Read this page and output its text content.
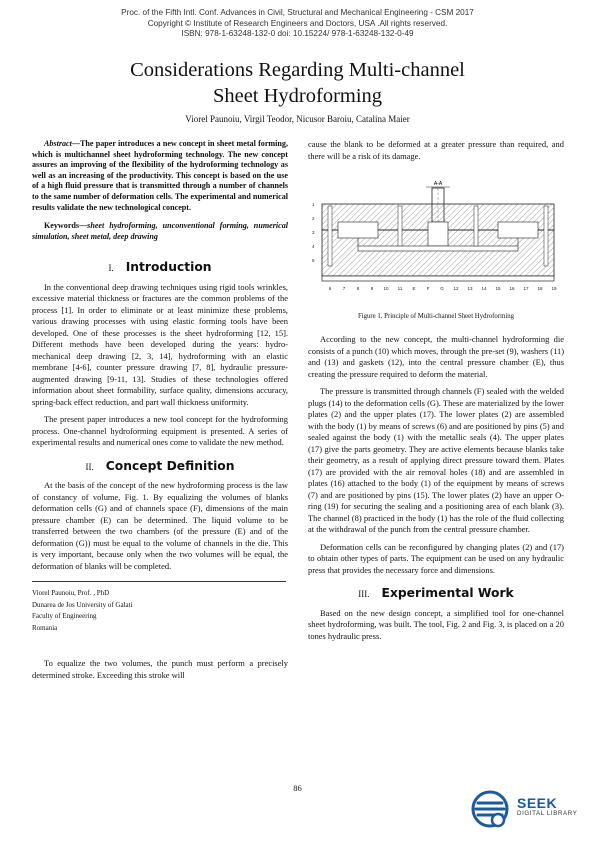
Proc. of the Fifth Intl. Conf. Advances in Civil, Structural and Mechanical Engineering - CSM 2017
Copyright © Institute of Research Engineers and Doctors, USA .All rights reserved.
ISBN: 978-1-63248-132-0 doi: 10.15224/ 978-1-63248-132-0-49
Considerations Regarding Multi-channel
Sheet Hydroforming
Viorel Paunoiu, Virgil Teodor, Nicusor Baroiu, Catalina Maier

Abstract—The paper introduces a new concept in sheet metal forming, which is multichannel sheet hydroforming technology. The new concept assures an improving of the flexibility of the hydroforming technology as well as an increasing of the productivity. This concept is based on the use of a high fluid pressure that is transmitted through a number of channels to the same number of deformation cells. The experimental and numerical results validate the new technological concept.

Keywords—sheet hydroforming, unconventional forming, numerical simulation, sheet metal, deep drawing

I. Introduction

In the conventional deep drawing techniques using rigid tools wrinkles, excessive material thickness or fractures are the common problems of the process [1]. In order to eliminate or at least minimize these problems, various drawing processes with using elastic forming tools have been developed. One of these processes is the sheet hydroforming [12, 15]. Different methods have been developed during the years: hydro-mechanical deep drawing [2, 3, 14], hydroforming with an elastic membrane [4-6], counter pressure drawing [7, 8], hydraulic pressure-augmented drawing [9-11, 13]. Studies of these technologies offered information about sheet formability, surface quality, dimensions accuracy, spring-back effect reduction, and part wall thickness uniformity.

The present paper introduces a new tool concept for the hydroforming process. One-channel hydroforming equipment is presented. A series of experimental results and numerical ones come to validate the new method.

II. Concept Definition

At the basis of the concept of the new hydroforming process is the law of constancy of volume, Fig. 1. By equalizing the volumes of blanks deformation cells (G) and of channels space (F), dimensions of the main pressure chamber (E) can be determined. The liquid volume to be transferred between the two chambers (of the pressure (E) and of the deformation (G)) must be equal to the volume of channels in the die. This is very important, because only when the two volumes will be equal, the deformation of blanks will be completed.

Viorel Paunoiu, Prof. , PhD
Dunarea de Jos University of Galati
Faculty of Engineering
Romania

To equalize the two volumes, the punch must perform a precisely determined stroke. Exceeding this stroke will

cause the blank to be deformed at a greater pressure than required, and there will be a risk of its damage.

A-A
1
2
3
4
5
6	7	8	9 10 11 E F G 12 13 14 15 16 17 18 19
Figure 1. Principle of Multi-channel Sheet Hydroforming

According to the new concept, the multi-channel hydroforming die consists of a punch (10) which moves, through the pre-set (9), washers (11) and (13) and gaskets (12), into the central pressure chamber (E), thus creating the pressure required to deform the material.

The pressure is transmitted through channels (F) sealed with the welded plugs (14) to the deformation cells (G). These are materialized by the lower plates (2) and the upper plates (17). The lower plates (2) are assembled with the body (1) by means of screws (6) and are positioned by pins (5) and sealed against the body (1) with the metallic seals (4). The upper plates (17) give the parts geometry. They are active elements because blanks take their geometry, as a result of applying direct pressure toward them. Plates (17) are provided with the air removal holes (18) and are assembled in plates (16) attached to the body (1) of the equipment by means of screws (7) and are positioned by pins (15). The lower plates (2) have an upper O-ring (19) for securing the sealing and a positioning area of each blank (3). The channel (8) practiced in the body (1) has the role of the fluid collecting at the withdrawal of the punch from the central pressure chamber.

Deformation cells can be reconfigured by changing plates (2) and (17) to obtain other types of parts. The equipment can be used on any hydraulic press that provides the necessary force and dimensions.

III. Experimental Work

Based on the new design concept, a simplified tool for one-channel sheet hydroforming, was built. The tool, Fig. 2 and Fig. 3, is placed on a 20 tones hydraulic press.

86
SEEK
DIGITAL LIBRARY
